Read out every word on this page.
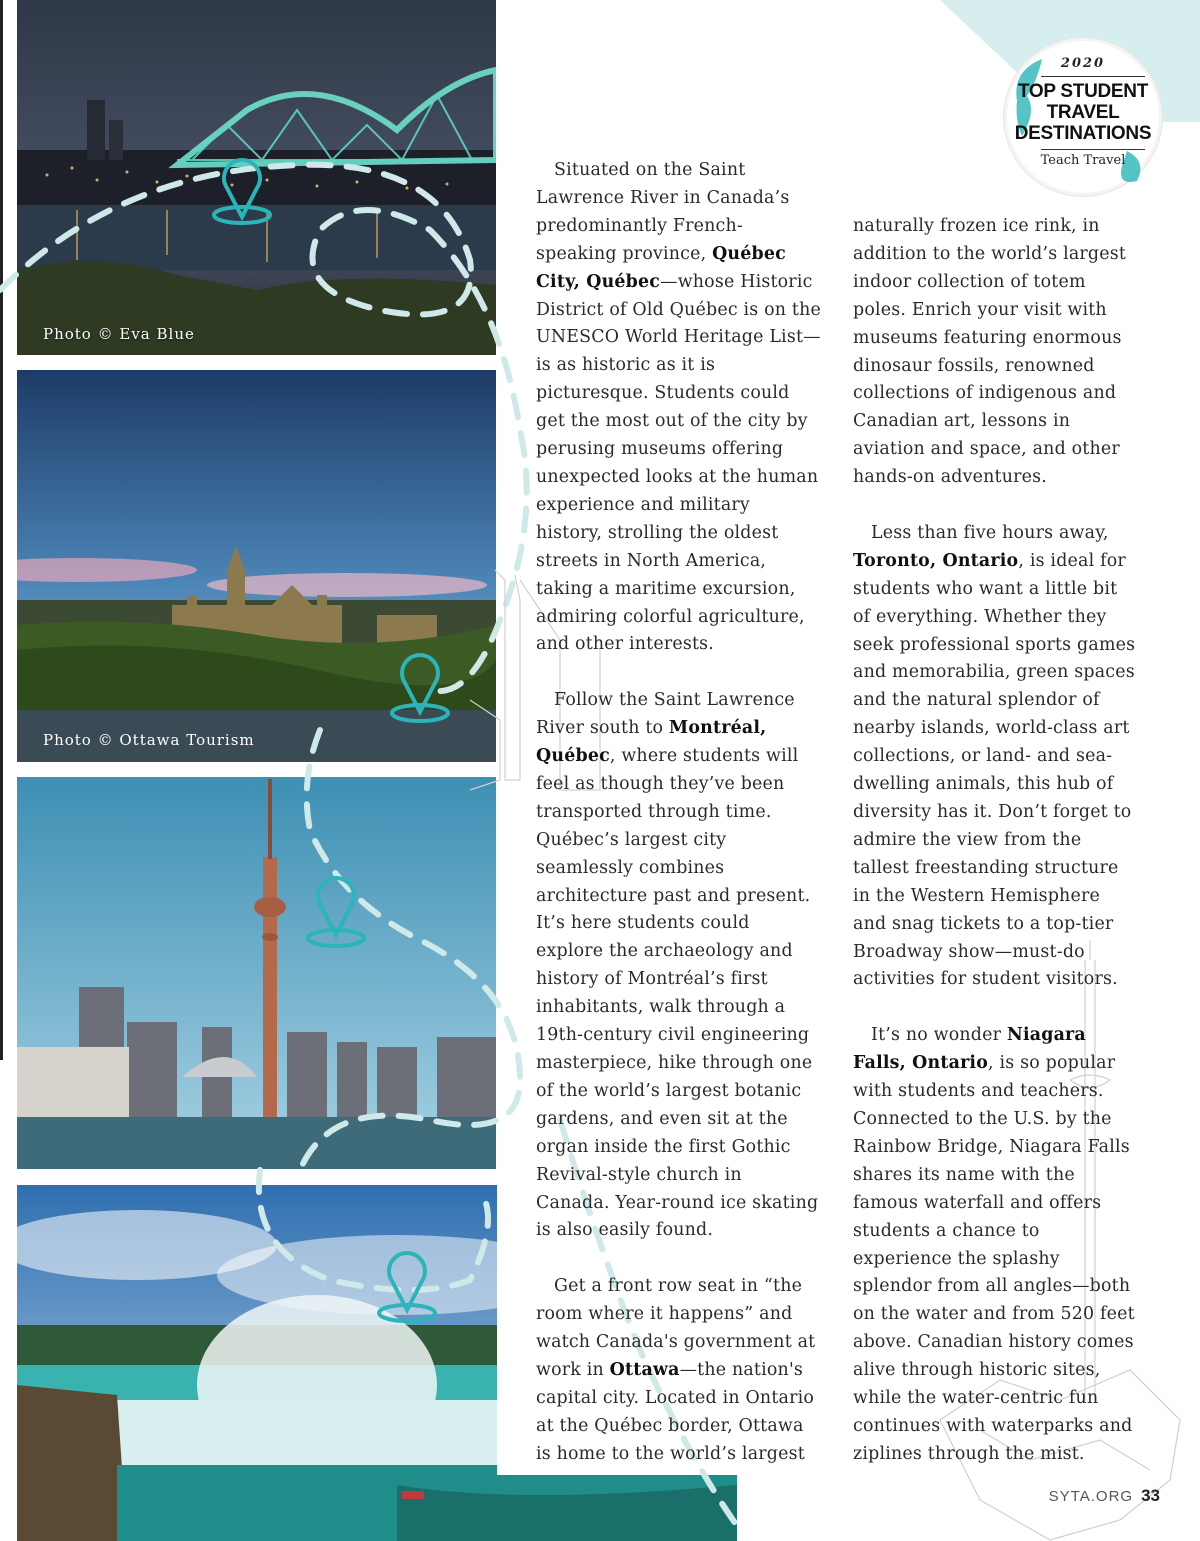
Photo © Eva Blue
Photo © Ottawa Tourism

Situated on the Saint Lawrence River in Canada’s predominantly French-speaking province, Québec City, Québec—whose Historic District of Old Québec is on the UNESCO World Heritage List—is as historic as it is picturesque. Students could get the most out of the city by perusing museums offering unexpected looks at the human experience and military history, strolling the oldest streets in North America, taking a maritime excursion, admiring colorful agriculture, and other interests.

Follow the Saint Lawrence River south to Montréal, Québec, where students will feel as though they’ve been transported through time. Québec’s largest city seamlessly combines architecture past and present. It’s here students could explore the archaeology and history of Montréal’s first inhabitants, walk through a 19th-century civil engineering masterpiece, hike through one of the world’s largest botanic gardens, and even sit at the organ inside the first Gothic Revival-style church in Canada. Year-round ice skating is also easily found.

Get a front row seat in “the room where it happens” and watch Canada's government at work in Ottawa—the nation's capital city. Located in Ontario at the Québec border, Ottawa is home to the world’s largest

naturally frozen ice rink, in addition to the world’s largest indoor collection of totem poles. Enrich your visit with museums featuring enormous dinosaur fossils, renowned collections of indigenous and Canadian art, lessons in aviation and space, and other hands-on adventures.

Less than five hours away, Toronto, Ontario, is ideal for students who want a little bit of everything. Whether they seek professional sports games and memorabilia, green spaces and the natural splendor of nearby islands, world-class art collections, or land- and sea-dwelling animals, this hub of diversity has it. Don’t forget to admire the view from the tallest freestanding structure in the Western Hemisphere and snag tickets to a top-tier Broadway show—must-do activities for student visitors.

It’s no wonder Niagara Falls, Ontario, is so popular with students and teachers. Connected to the U.S. by the Rainbow Bridge, Niagara Falls shares its name with the famous waterfall and offers students a chance to experience the splashy splendor from all angles—both on the water and from 520 feet above. Canadian history comes alive through historic sites, while the water-centric fun continues with waterparks and ziplines through the mist.

2020
TOP STUDENT
TRAVEL
DESTINATIONS
Teach Travel
SYTA.ORG 33
